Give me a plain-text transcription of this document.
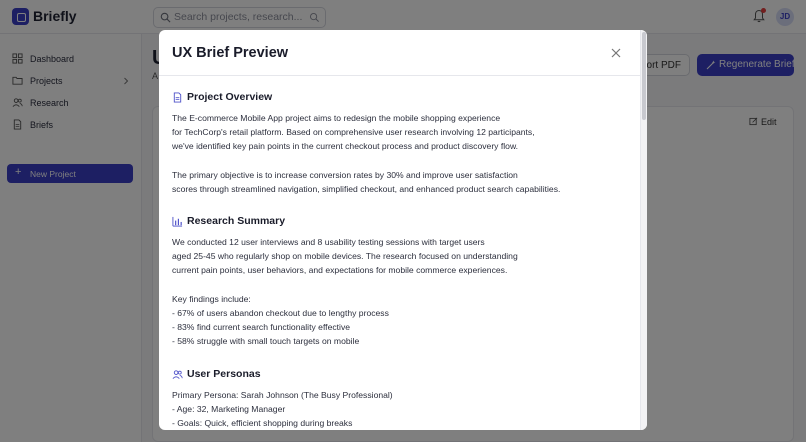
UX Brief Preview
Project Overview
The E-commerce Mobile App project aims to redesign the mobile shopping experience
for TechCorp's retail platform. Based on comprehensive user research involving 12 participants,
we've identified key pain points in the current checkout process and product discovery flow.
The primary objective is to increase conversion rates by 30% and improve user satisfaction
scores through streamlined navigation, simplified checkout, and enhanced product search capabilities.
Research Summary
We conducted 12 user interviews and 8 usability testing sessions with target users
aged 25-45 who regularly shop on mobile devices. The research focused on understanding
current pain points, user behaviors, and expectations for mobile commerce experiences.
Key findings include:
- 67% of users abandon checkout due to lengthy process
- 83% find current search functionality effective
- 58% struggle with small touch targets on mobile
User Personas
Primary Persona: Sarah Johnson (The Busy Professional)
- Age: 32, Marketing Manager
- Goals: Quick, efficient shopping during breaks
